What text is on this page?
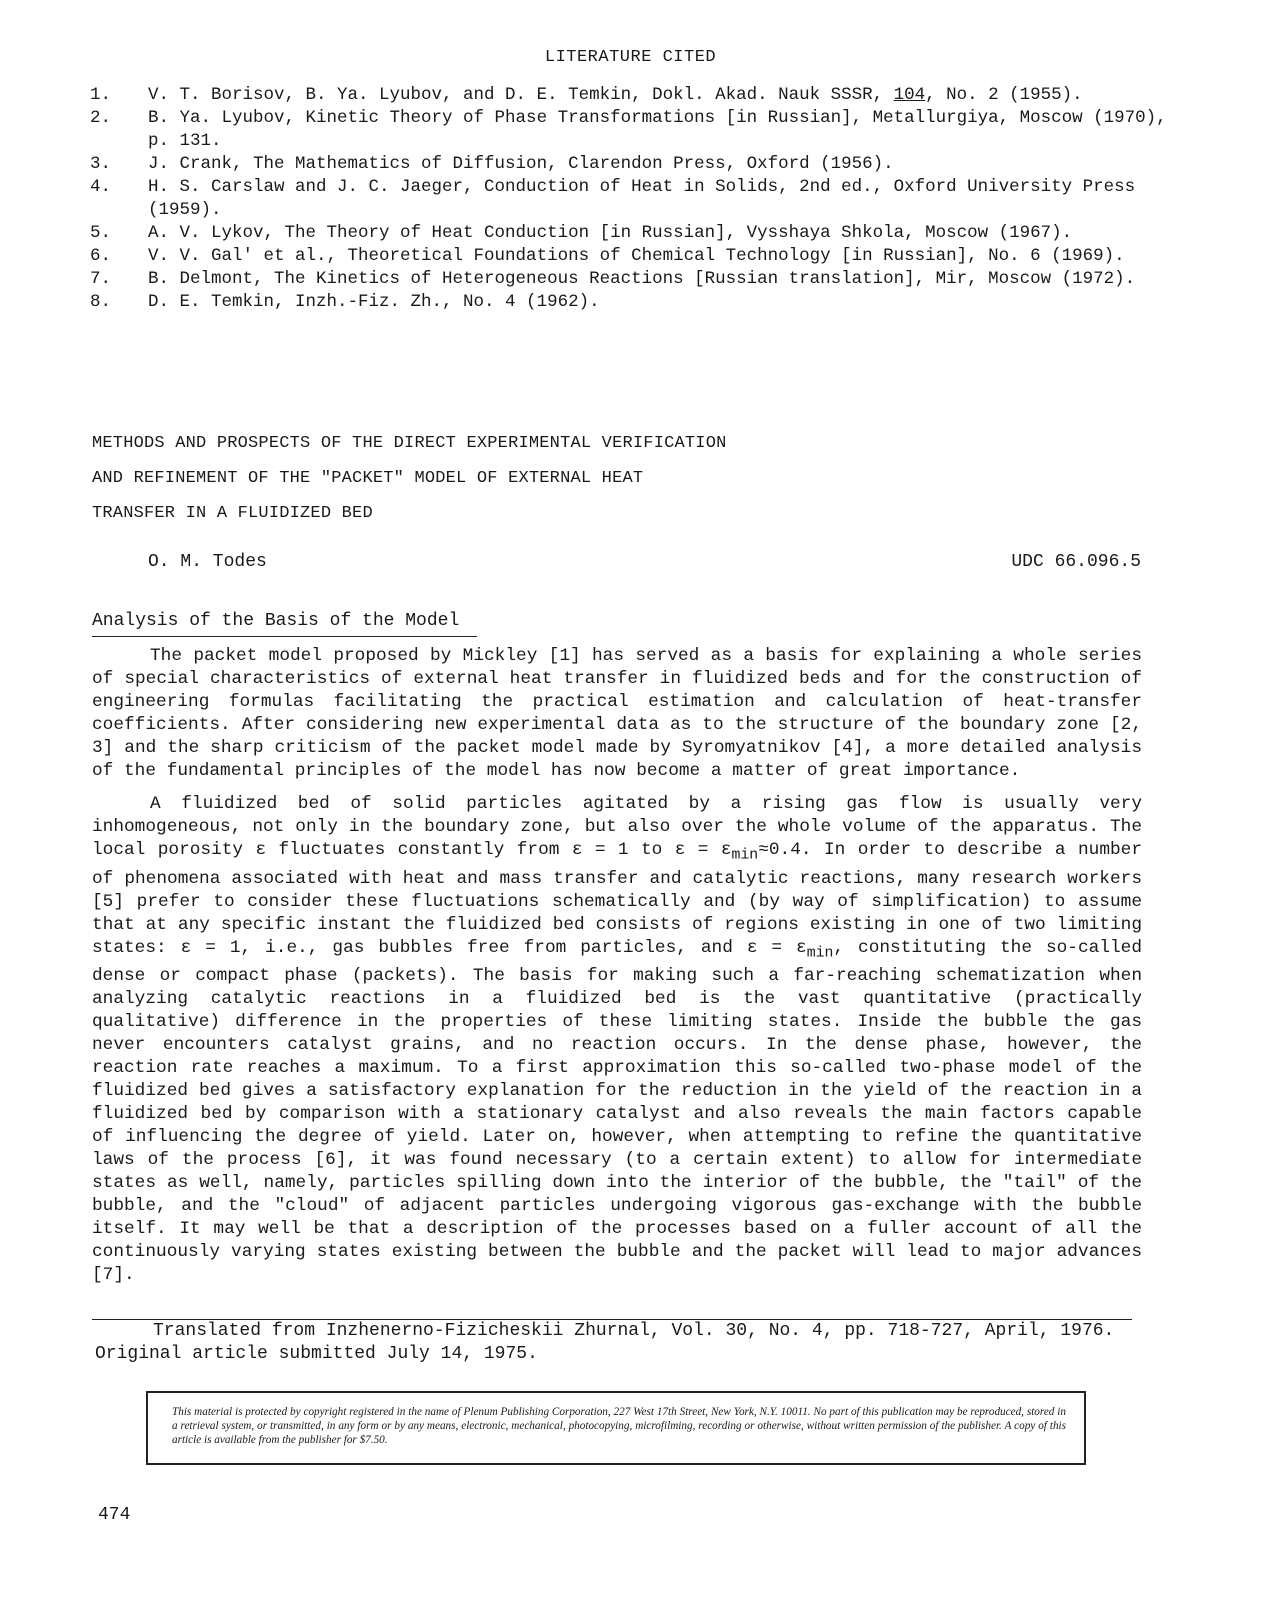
LITERATURE CITED
1. V. T. Borisov, B. Ya. Lyubov, and D. E. Temkin, Dokl. Akad. Nauk SSSR, 104, No. 2 (1955).
2. B. Ya. Lyubov, Kinetic Theory of Phase Transformations [in Russian], Metallurgiya, Moscow (1970), p. 131.
3. J. Crank, The Mathematics of Diffusion, Clarendon Press, Oxford (1956).
4. H. S. Carslaw and J. C. Jaeger, Conduction of Heat in Solids, 2nd ed., Oxford University Press (1959).
5. A. V. Lykov, The Theory of Heat Conduction [in Russian], Vysshaya Shkola, Moscow (1967).
6. V. V. Gal' et al., Theoretical Foundations of Chemical Technology [in Russian], No. 6 (1969).
7. B. Delmont, The Kinetics of Heterogeneous Reactions [Russian translation], Mir, Moscow (1972).
8. D. E. Temkin, Inzh.-Fiz. Zh., No. 4 (1962).
METHODS AND PROSPECTS OF THE DIRECT EXPERIMENTAL VERIFICATION
AND REFINEMENT OF THE "PACKET" MODEL OF EXTERNAL HEAT
TRANSFER IN A FLUIDIZED BED
O. M. Todes	UDC 66.096.5
Analysis of the Basis of the Model

The packet model proposed by Mickley [1] has served as a basis for explaining a whole series of special characteristics of external heat transfer in fluidized beds and for the construction of engineering formulas facilitating the practical estimation and calculation of heat-transfer coefficients. After considering new experimental data as to the structure of the boundary zone [2, 3] and the sharp criticism of the packet model made by Syromyatnikov [4], a more detailed analysis of the fundamental principles of the model has now become a matter of great importance.

A fluidized bed of solid particles agitated by a rising gas flow is usually very inhomogeneous, not only in the boundary zone, but also over the whole volume of the apparatus. The local porosity ε fluctuates constantly from ε = 1 to $\varepsilon = \varepsilon_{min}\approx 0.4$. In order to describe a number of phenomena associated with heat and mass transfer and catalytic reactions, many research workers [5] prefer to consider these fluctuations schematically and (by way of simplification) to assume that at any specific instant the fluidized bed consists of regions existing in one of two limiting states: ε = 1, i.e., gas bubbles free from particles, and $\varepsilon = \varepsilon_{min}$, constituting the so-called dense or compact phase (packets). The basis for making such a far-reaching schematization when analyzing catalytic reactions in a fluidized bed is the vast quantitative (practically qualitative) difference in the properties of these limiting states. Inside the bubble the gas never encounters catalyst grains, and no reaction occurs. In the dense phase, however, the reaction rate reaches a maximum. To a first approximation this so-called two-phase model of the fluidized bed gives a satisfactory explanation for the reduction in the yield of the reaction in a fluidized bed by comparison with a stationary catalyst and also reveals the main factors capable of influencing the degree of yield. Later on, however, when attempting to refine the quantitative laws of the process [6], it was found necessary (to a certain extent) to allow for intermediate states as well, namely, particles spilling down into the interior of the bubble, the "tail" of the bubble, and the "cloud" of adjacent particles undergoing vigorous gas-exchange with the bubble itself. It may well be that a description of the processes based on a fuller account of all the continuously varying states existing between the bubble and the packet will lead to major advances [7].

Translated from Inzhenerno-Fizicheskii Zhurnal, Vol. 30, No. 4, pp. 718-727, April, 1976.
Original article submitted July 14, 1975.
This material is protected by copyright registered in the name of Plenum Publishing Corporation, 227 West 17th Street, New York, N.Y. 10011. No part of this publication may be reproduced, stored in a retrieval system, or transmitted, in any form or by any means, electronic, mechanical, photocopying, microfilming, recording or otherwise, without written permission of the publisher. A copy of this article is available from the publisher for $7.50.
474
